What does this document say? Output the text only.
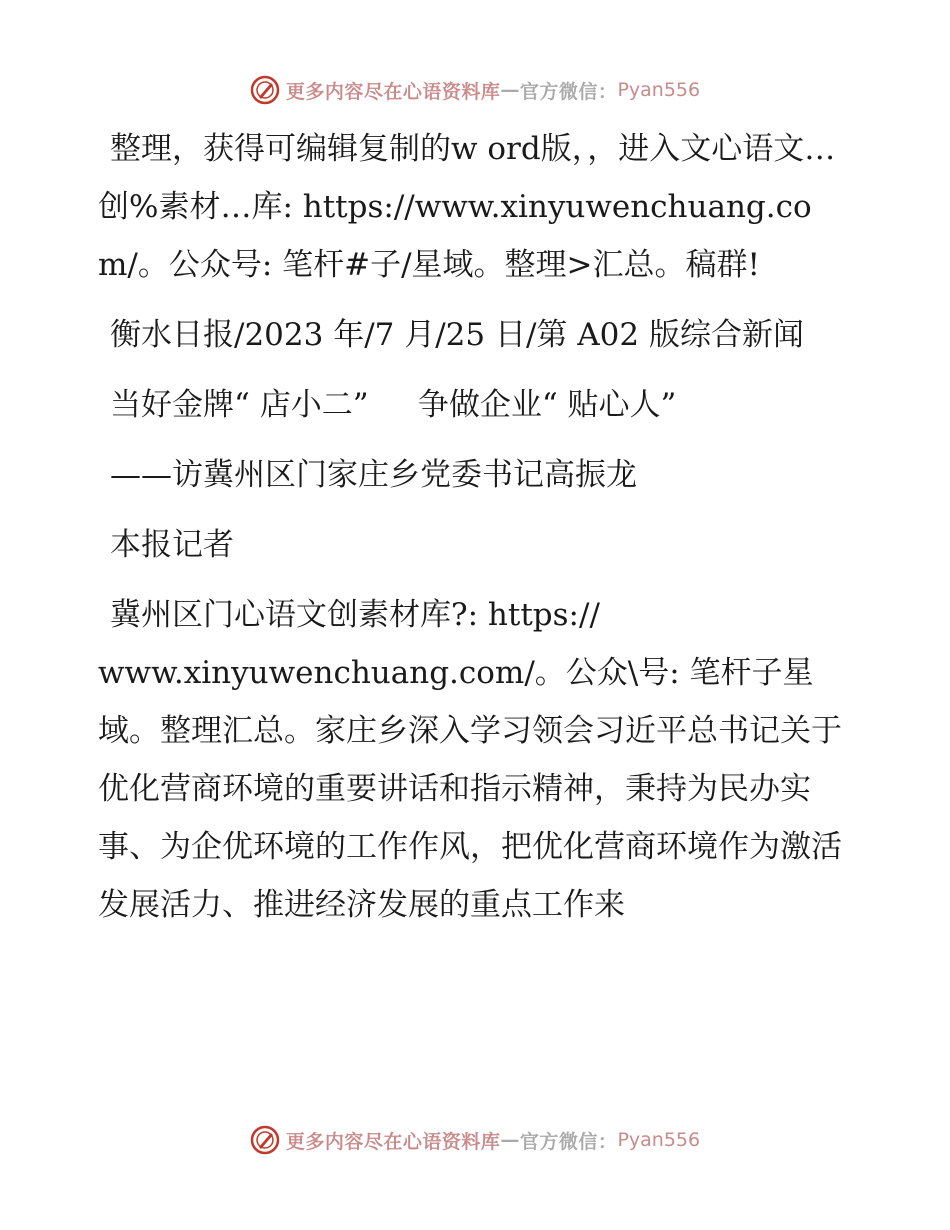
更多内容尽在心语资料库 — 官方微信： Pyan556

整理，获得可编辑复制的w ord版，，进入文心语文…创%素材…库: https://www.xinyuwenchuang.com/。公众号: 笔杆#子/星域。整理>汇总。稿群!

衡水日报/2023 年/7 月/25 日/第 A02 版综合新闻

当好金牌“ 店小二”     争做企业“ 贴心人”

——访冀州区门家庄乡党委书记高振龙

本报记者

冀州区门心语文创素材库?: https://

www.xinyuwenchuang.com/。公众\号: 笔杆子星域。整理汇总。家庄乡深入学习领会习近平总书记关于优化营商环境的重要讲话和指示精神，秉持为民办实事、为企优环境的工作作风，把优化营商环境作为激活发展活力、推进经济发展的重点工作来

更多内容尽在心语资料库 — 官方微信： Pyan556
